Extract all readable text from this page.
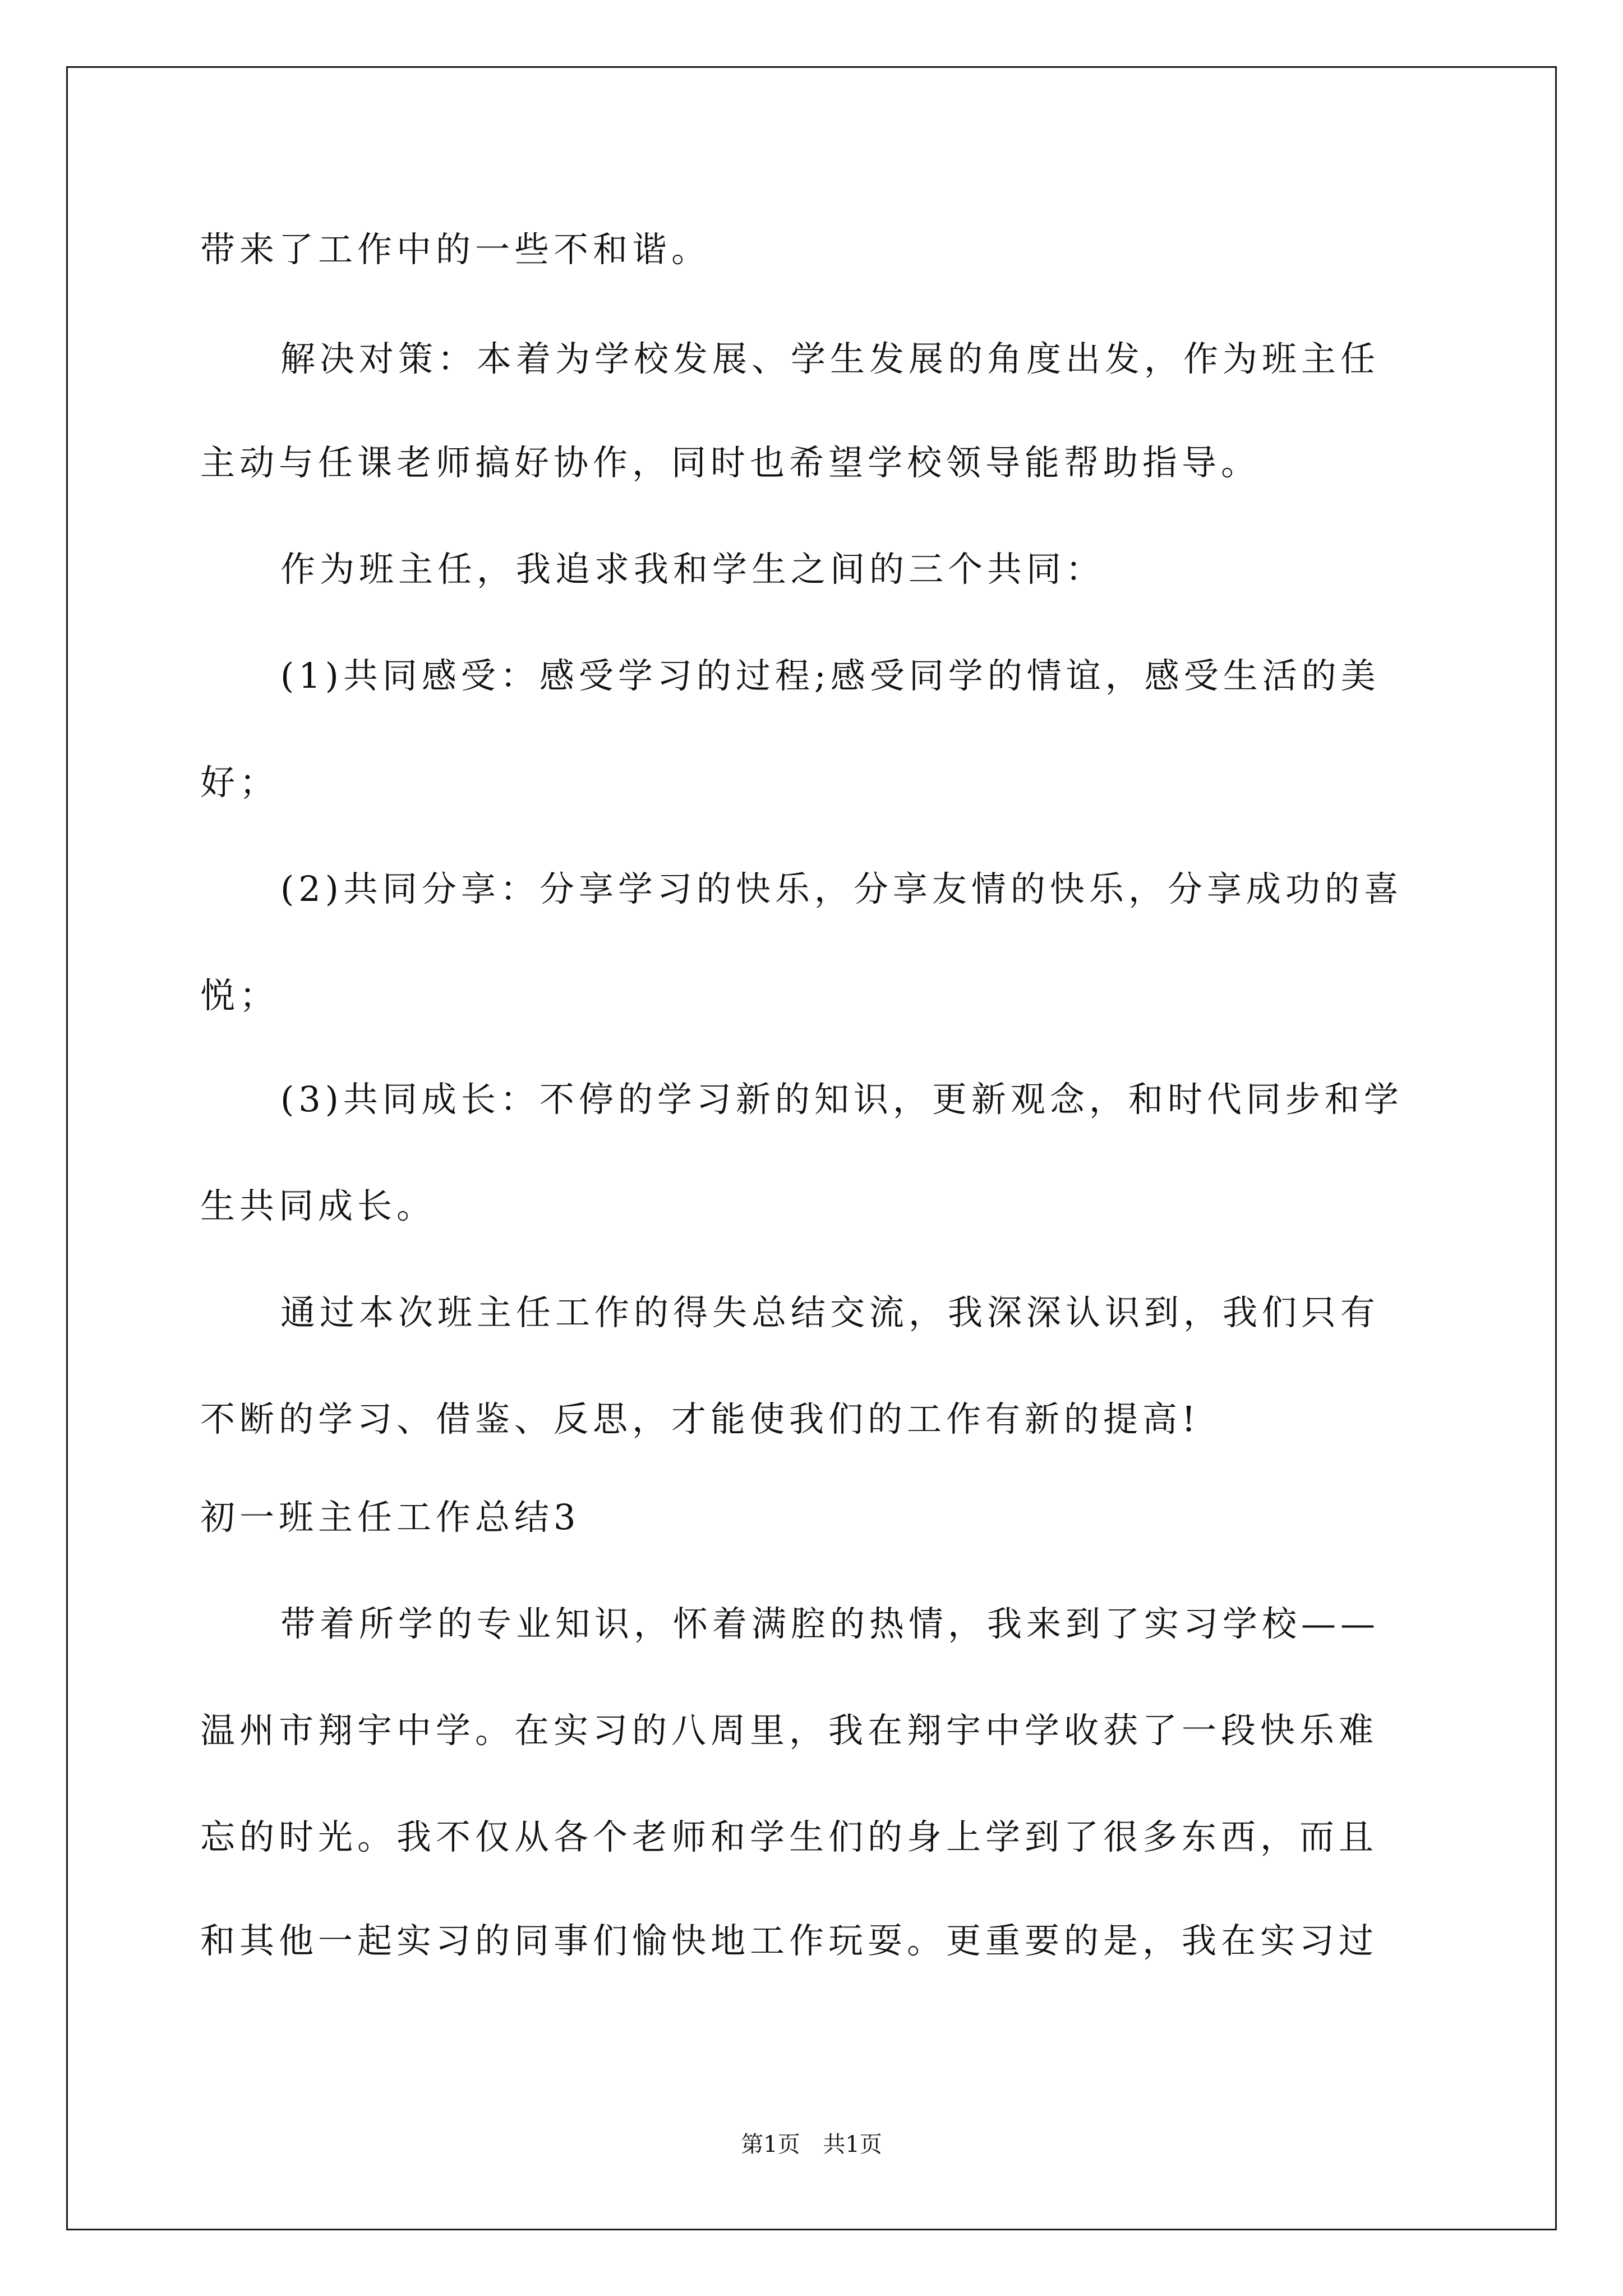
带来了工作中的一些不和谐。

解决对策：本着为学校发展、学生发展的角度出发，作为班主任

主动与任课老师搞好协作，同时也希望学校领导能帮助指导。

作为班主任，我追求我和学生之间的三个共同：

(1)共同感受：感受学习的过程;感受同学的情谊，感受生活的美

好；

(2)共同分享：分享学习的快乐，分享友情的快乐，分享成功的喜

悦；

(3)共同成长：不停的学习新的知识，更新观念，和时代同步和学

生共同成长。

通过本次班主任工作的得失总结交流，我深深认识到，我们只有

不断的学习、借鉴、反思，才能使我们的工作有新的提高!

初一班主任工作总结3

带着所学的专业知识，怀着满腔的热情，我来到了实习学校——

温州市翔宇中学。在实习的八周里，我在翔宇中学收获了一段快乐难

忘的时光。我不仅从各个老师和学生们的身上学到了很多东西，而且

和其他一起实习的同事们愉快地工作玩耍。更重要的是，我在实习过

第1页 共1页
